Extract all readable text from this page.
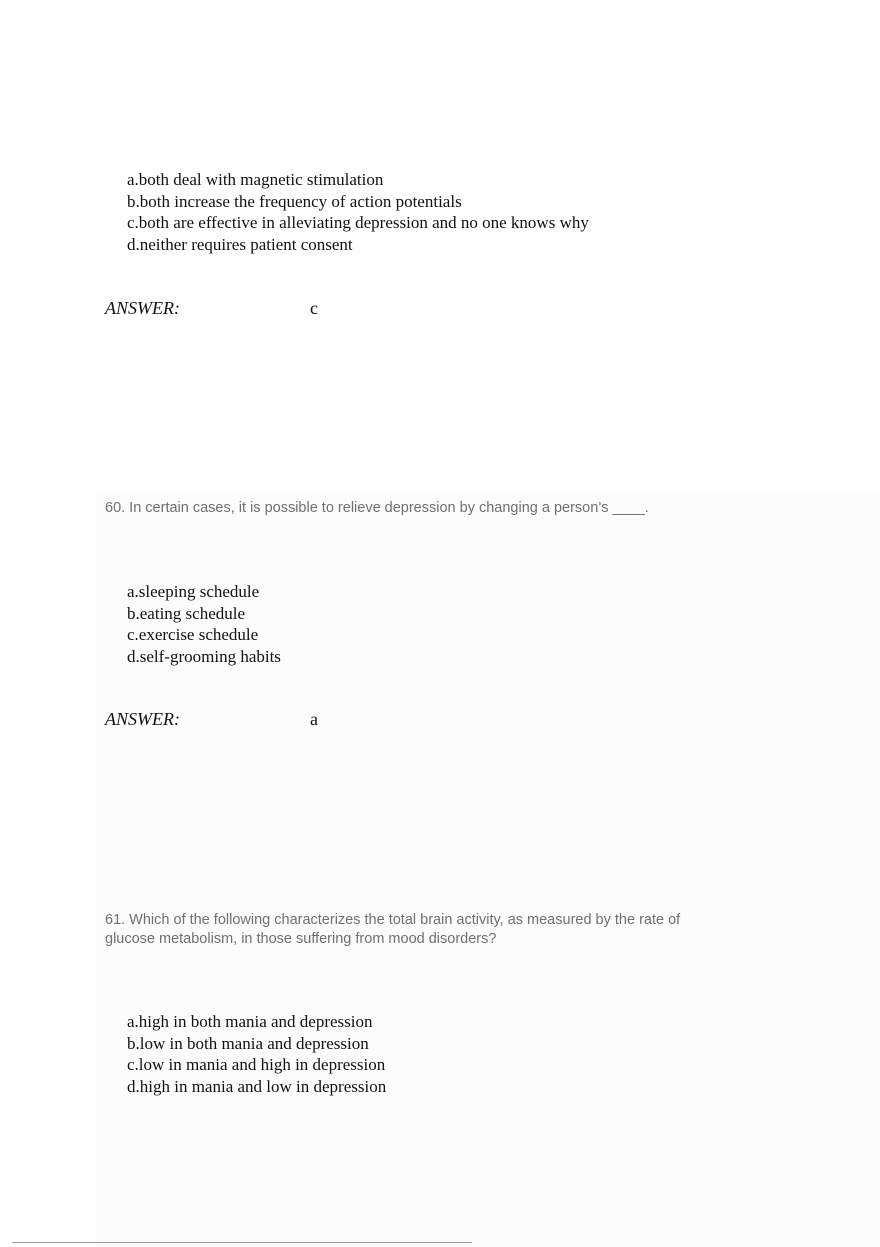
a.both deal with magnetic stimulation
b.both increase the frequency of action potentials
c.both are effective in alleviating depression and no one knows why
d.neither requires patient consent
ANSWER:	c
60. In certain cases, it is possible to relieve depression by changing a person’s ____.
a.sleeping schedule
b.eating schedule
c.exercise schedule
d.self-grooming habits
ANSWER:	a
61. Which of the following characterizes the total brain activity, as measured by the rate of glucose metabolism, in those suffering from mood disorders?
a.high in both mania and depression
b.low in both mania and depression
c.low in mania and high in depression
d.high in mania and low in depression
